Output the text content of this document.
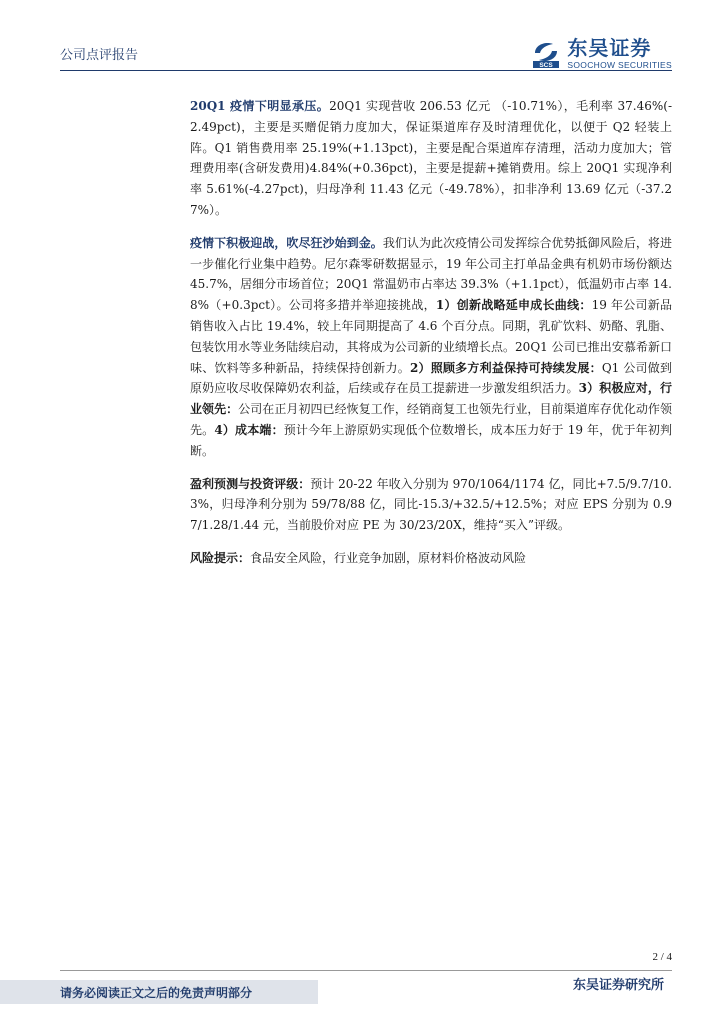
公司点评报告
SCS
东吴证券
SOOCHOW SECURITIES

20Q1 疫情下明显承压。20Q1 实现营收 206.53 亿元 （-10.71%），毛利率 37.46%(-2.49pct)，主要是买赠促销力度加大，保证渠道库存及时清理优化，以便于 Q2 轻装上阵。Q1 销售费用率 25.19%(+1.13pct)，主要是配合渠道库存清理，活动力度加大；管理费用率(含研发费用)4.84%(+0.36pct)，主要是提薪+摊销费用。综上 20Q1 实现净利率 5.61%(-4.27pct)，归母净利 11.43 亿元（-49.78%），扣非净利 13.69 亿元（-37.27%）。

疫情下积极迎战，吹尽狂沙始到金。我们认为此次疫情公司发挥综合优势抵御风险后，将进一步催化行业集中趋势。尼尔森零研数据显示，19 年公司主打单品金典有机奶市场份额达 45.7%，居细分市场首位；20Q1 常温奶市占率达 39.3%（+1.1pct），低温奶市占率 14.8%（+0.3pct）。公司将多措并举迎接挑战，1）创新战略延申成长曲线：19 年公司新品销售收入占比 19.4%，较上年同期提高了 4.6 个百分点。同期，乳矿饮料、奶酪、乳脂、包装饮用水等业务陆续启动，其将成为公司新的业绩增长点。20Q1 公司已推出安慕希新口味、饮料等多种新品，持续保持创新力。2）照顾多方利益保持可持续发展：Q1 公司做到原奶应收尽收保障奶农利益，后续或存在员工提薪进一步激发组织活力。3）积极应对，行业领先：公司在正月初四已经恢复工作，经销商复工也领先行业，目前渠道库存优化动作领先。4）成本端：预计今年上游原奶实现低个位数增长，成本压力好于 19 年，优于年初判断。

盈利预测与投资评级：预计 20-22 年收入分别为 970/1064/1174 亿，同比+7.5/9.7/10.3%，归母净利分别为 59/78/88 亿，同比-15.3/+32.5/+12.5%；对应 EPS 分别为 0.97/1.28/1.44 元，当前股价对应 PE 为 30/23/20X，维持“买入”评级。

风险提示：食品安全风险，行业竞争加剧，原材料价格波动风险

2 / 4
请务必阅读正文之后的免责声明部分	东吴证券研究所
